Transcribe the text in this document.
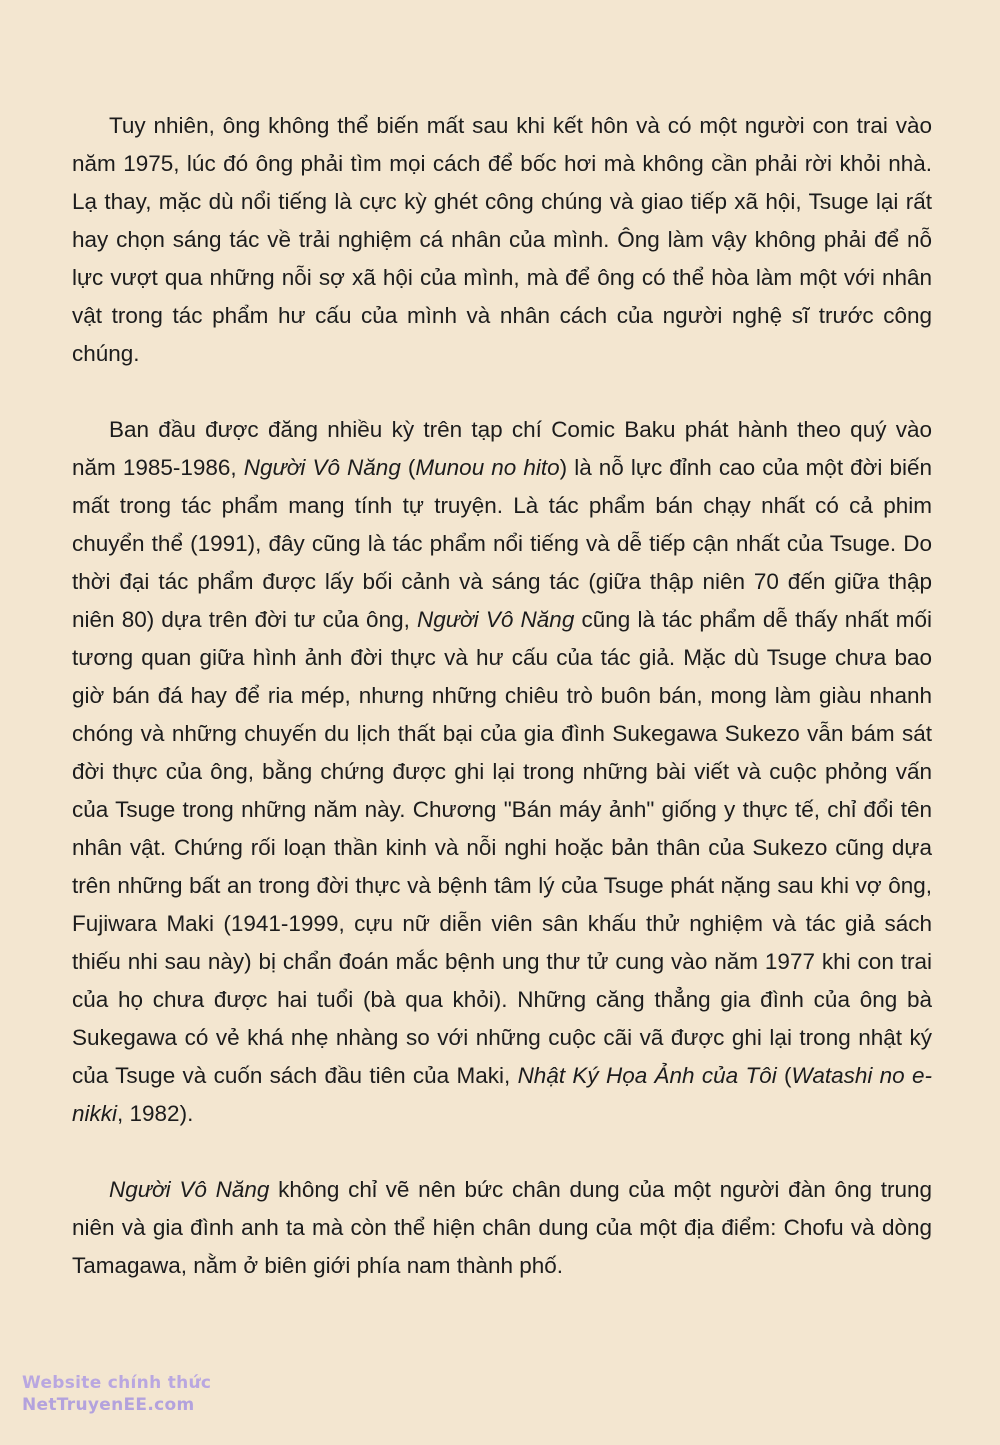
Tuy nhiên, ông không thể biến mất sau khi kết hôn và có một người con trai vào năm 1975, lúc đó ông phải tìm mọi cách để bốc hơi mà không cần phải rời khỏi nhà. Lạ thay, mặc dù nổi tiếng là cực kỳ ghét công chúng và giao tiếp xã hội, Tsuge lại rất hay chọn sáng tác về trải nghiệm cá nhân của mình. Ông làm vậy không phải để nỗ lực vượt qua những nỗi sợ xã hội của mình, mà để ông có thể hòa làm một với nhân vật trong tác phẩm hư cấu của mình và nhân cách của người nghệ sĩ trước công chúng.

Ban đầu được đăng nhiều kỳ trên tạp chí Comic Baku phát hành theo quý vào năm 1985-1986, Người Vô Năng (Munou no hito) là nỗ lực đỉnh cao của một đời biến mất trong tác phẩm mang tính tự truyện. Là tác phẩm bán chạy nhất có cả phim chuyển thể (1991), đây cũng là tác phẩm nổi tiếng và dễ tiếp cận nhất của Tsuge. Do thời đại tác phẩm được lấy bối cảnh và sáng tác (giữa thập niên 70 đến giữa thập niên 80) dựa trên đời tư của ông, Người Vô Năng cũng là tác phẩm dễ thấy nhất mối tương quan giữa hình ảnh đời thực và hư cấu của tác giả. Mặc dù Tsuge chưa bao giờ bán đá hay để ria mép, nhưng những chiêu trò buôn bán, mong làm giàu nhanh chóng và những chuyến du lịch thất bại của gia đình Sukegawa Sukezo vẫn bám sát đời thực của ông, bằng chứng được ghi lại trong những bài viết và cuộc phỏng vấn của Tsuge trong những năm này. Chương "Bán máy ảnh" giống y thực tế, chỉ đổi tên nhân vật. Chứng rối loạn thần kinh và nỗi nghi hoặc bản thân của Sukezo cũng dựa trên những bất an trong đời thực và bệnh tâm lý của Tsuge phát nặng sau khi vợ ông, Fujiwara Maki (1941-1999, cựu nữ diễn viên sân khấu thử nghiệm và tác giả sách thiếu nhi sau này) bị chẩn đoán mắc bệnh ung thư tử cung vào năm 1977 khi con trai của họ chưa được hai tuổi (bà qua khỏi). Những căng thẳng gia đình của ông bà Sukegawa có vẻ khá nhẹ nhàng so với những cuộc cãi vã được ghi lại trong nhật ký của Tsuge và cuốn sách đầu tiên của Maki, Nhật Ký Họa Ảnh của Tôi (Watashi no e-nikki, 1982).

Người Vô Năng không chỉ vẽ nên bức chân dung của một người đàn ông trung niên và gia đình anh ta mà còn thể hiện chân dung của một địa điểm: Chofu và dòng Tamagawa, nằm ở biên giới phía nam thành phố.

Website chính thức
NetTruyenEE.com
